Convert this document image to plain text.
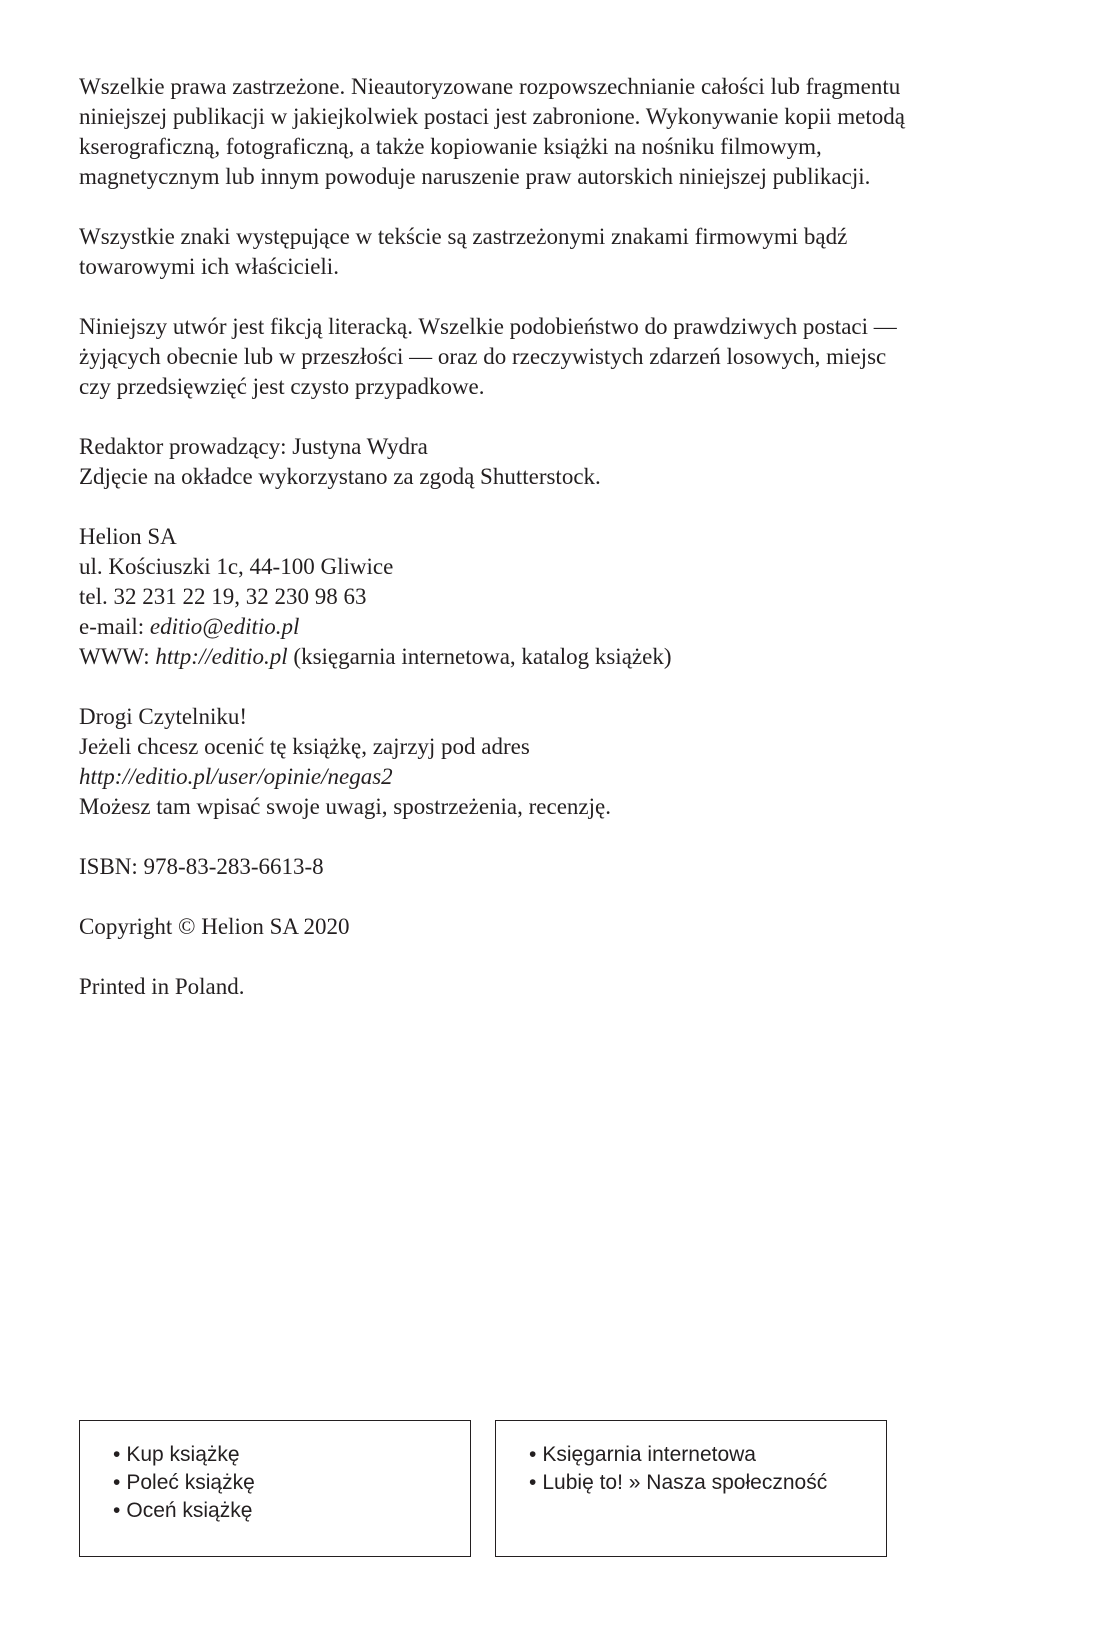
Wszelkie prawa zastrzeżone. Nieautoryzowane rozpowszechnianie całości lub fragmentu
niniejszej publikacji w jakiejkolwiek postaci jest zabronione. Wykonywanie kopii metodą
kserograficzną, fotograficzną, a także kopiowanie książki na nośniku filmowym,
magnetycznym lub innym powoduje naruszenie praw autorskich niniejszej publikacji.

Wszystkie znaki występujące w tekście są zastrzeżonymi znakami firmowymi bądź
towarowymi ich właścicieli.

Niniejszy utwór jest fikcją literacką. Wszelkie podobieństwo do prawdziwych postaci —
żyjących obecnie lub w przeszłości — oraz do rzeczywistych zdarzeń losowych, miejsc
czy przedsięwzięć jest czysto przypadkowe.

Redaktor prowadzący: Justyna Wydra
Zdjęcie na okładce wykorzystano za zgodą Shutterstock.

Helion SA
ul. Kościuszki 1c, 44-100 Gliwice
tel. 32 231 22 19, 32 230 98 63
e-mail: editio@editio.pl
WWW: http://editio.pl (księgarnia internetowa, katalog książek)

Drogi Czytelniku!
Jeżeli chcesz ocenić tę książkę, zajrzyj pod adres
http://editio.pl/user/opinie/negas2
Możesz tam wpisać swoje uwagi, spostrzeżenia, recenzję.

ISBN: 978-83-283-6613-8

Copyright © Helion SA 2020

Printed in Poland.

• Kup książkę
• Poleć książkę
• Oceń książkę
• Księgarnia internetowa
• Lubię to! » Nasza społeczność
